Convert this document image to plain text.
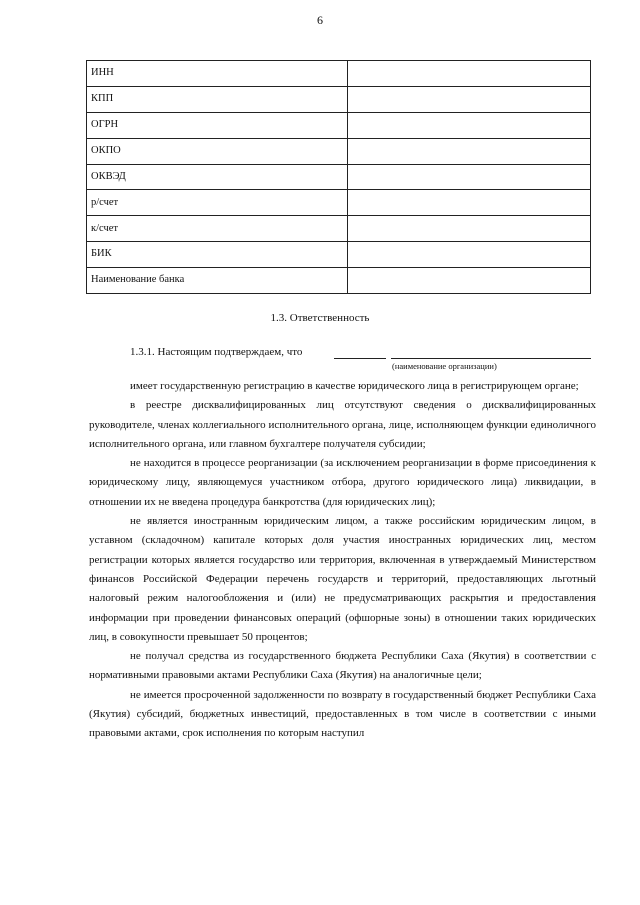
6
ИНН	
КПП	
ОГРН	
ОКПО	
ОКВЭД	
р/счет	
к/счет	
БИК	
Наименование банка	
1.3. Ответственность
1.3.1. Настоящим подтверждаем, что
(наименование организации)

имеет государственную регистрацию в качестве юридического лица в регистрирующем органе;

в реестре дисквалифицированных лиц отсутствуют сведения о дисквалифицированных руководителе, членах коллегиального исполнительного органа, лице, исполняющем функции единоличного исполнительного органа, или главном бухгалтере получателя субсидии;

не находится в процессе реорганизации (за исключением реорганизации в форме присоединения к юридическому лицу, являющемуся участником отбора, другого юридического лица) ликвидации, в отношении их не введена процедура банкротства (для юридических лиц);

не является иностранным юридическим лицом, а также российским юридическим лицом, в уставном (складочном) капитале которых доля участия иностранных юридических лиц, местом регистрации которых является государство или территория, включенная в утверждаемый Министерством финансов Российской Федерации перечень государств и территорий, предоставляющих льготный налоговый режим налогообложения и (или) не предусматривающих раскрытия и предоставления информации при проведении финансовых операций (офшорные зоны) в отношении таких юридических лиц, в совокупности превышает 50 процентов;

не получал средства из государственного бюджета Республики Саха (Якутия) в соответствии с нормативными правовыми актами Республики Саха (Якутия) на аналогичные цели;

не имеется просроченной задолженности по возврату в государственный бюджет Республики Саха (Якутия) субсидий, бюджетных инвестиций, предоставленных в том числе в соответствии с иными правовыми актами, срок исполнения по которым наступил
